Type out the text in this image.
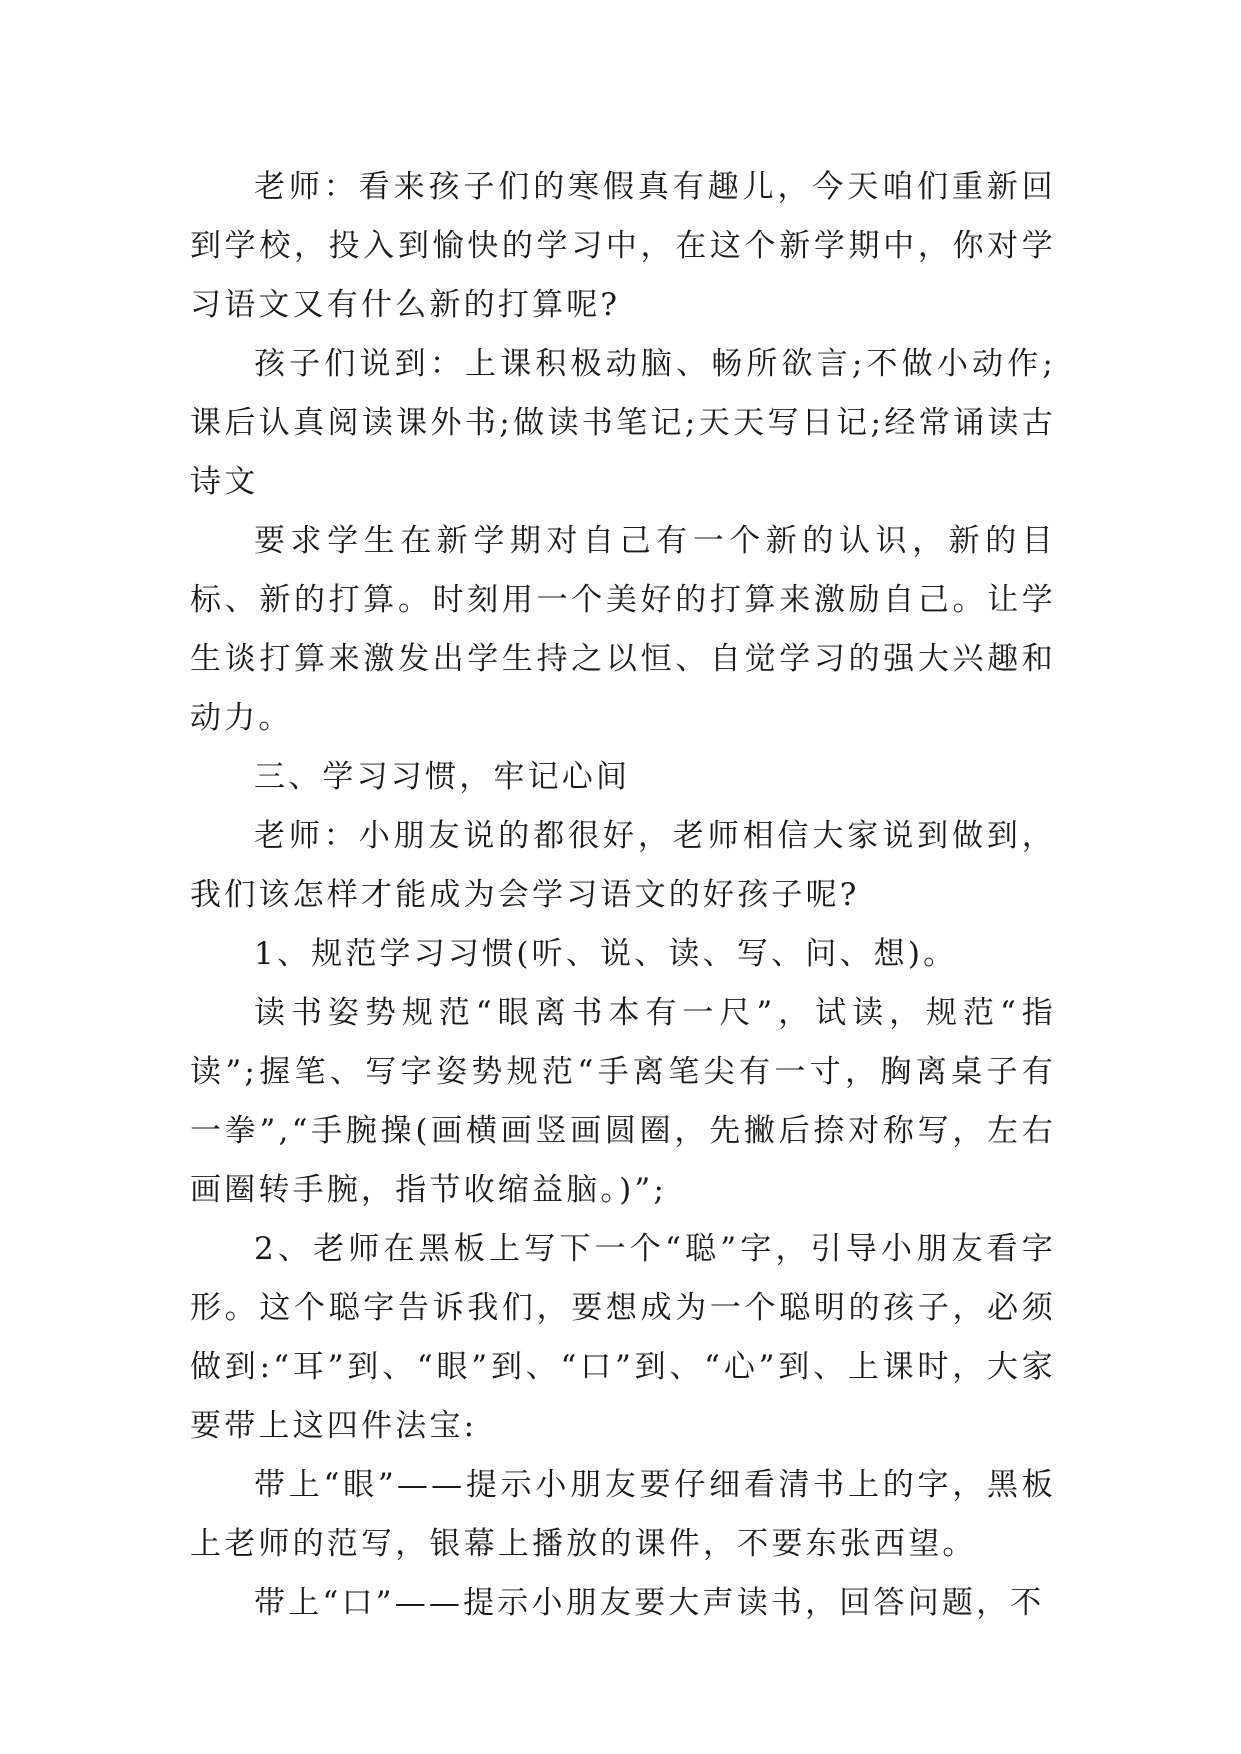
老师：看来孩子们的寒假真有趣儿，今天咱们重新回到学校，投入到愉快的学习中，在这个新学期中，你对学习语文又有什么新的打算呢?

孩子们说到：上课积极动脑、畅所欲言;不做小动作;课后认真阅读课外书;做读书笔记;天天写日记;经常诵读古诗文

要求学生在新学期对自己有一个新的认识，新的目标、新的打算。时刻用一个美好的打算来激励自己。让学生谈打算来激发出学生持之以恒、自觉学习的强大兴趣和动力。

三、学习习惯，牢记心间

老师：小朋友说的都很好，老师相信大家说到做到，我们该怎样才能成为会学习语文的好孩子呢?

1、规范学习习惯(听、说、读、写、问、想)。

读书姿势规范“眼离书本有一尺”，试读，规范“指读”;握笔、写字姿势规范“手离笔尖有一寸，胸离桌子有一拳”,“手腕操(画横画竖画圆圈，先撇后捺对称写，左右画圈转手腕，指节收缩益脑。)”;

2、老师在黑板上写下一个“聪”字，引导小朋友看字形。这个聪字告诉我们，要想成为一个聪明的孩子，必须做到:“耳”到、“眼”到、“口”到、“心”到、上课时，大家要带上这四件法宝:

带上“眼”——提示小朋友要仔细看清书上的字，黑板上老师的范写，银幕上播放的课件，不要东张西望。

带上“口”——提示小朋友要大声读书，回答问题，不
